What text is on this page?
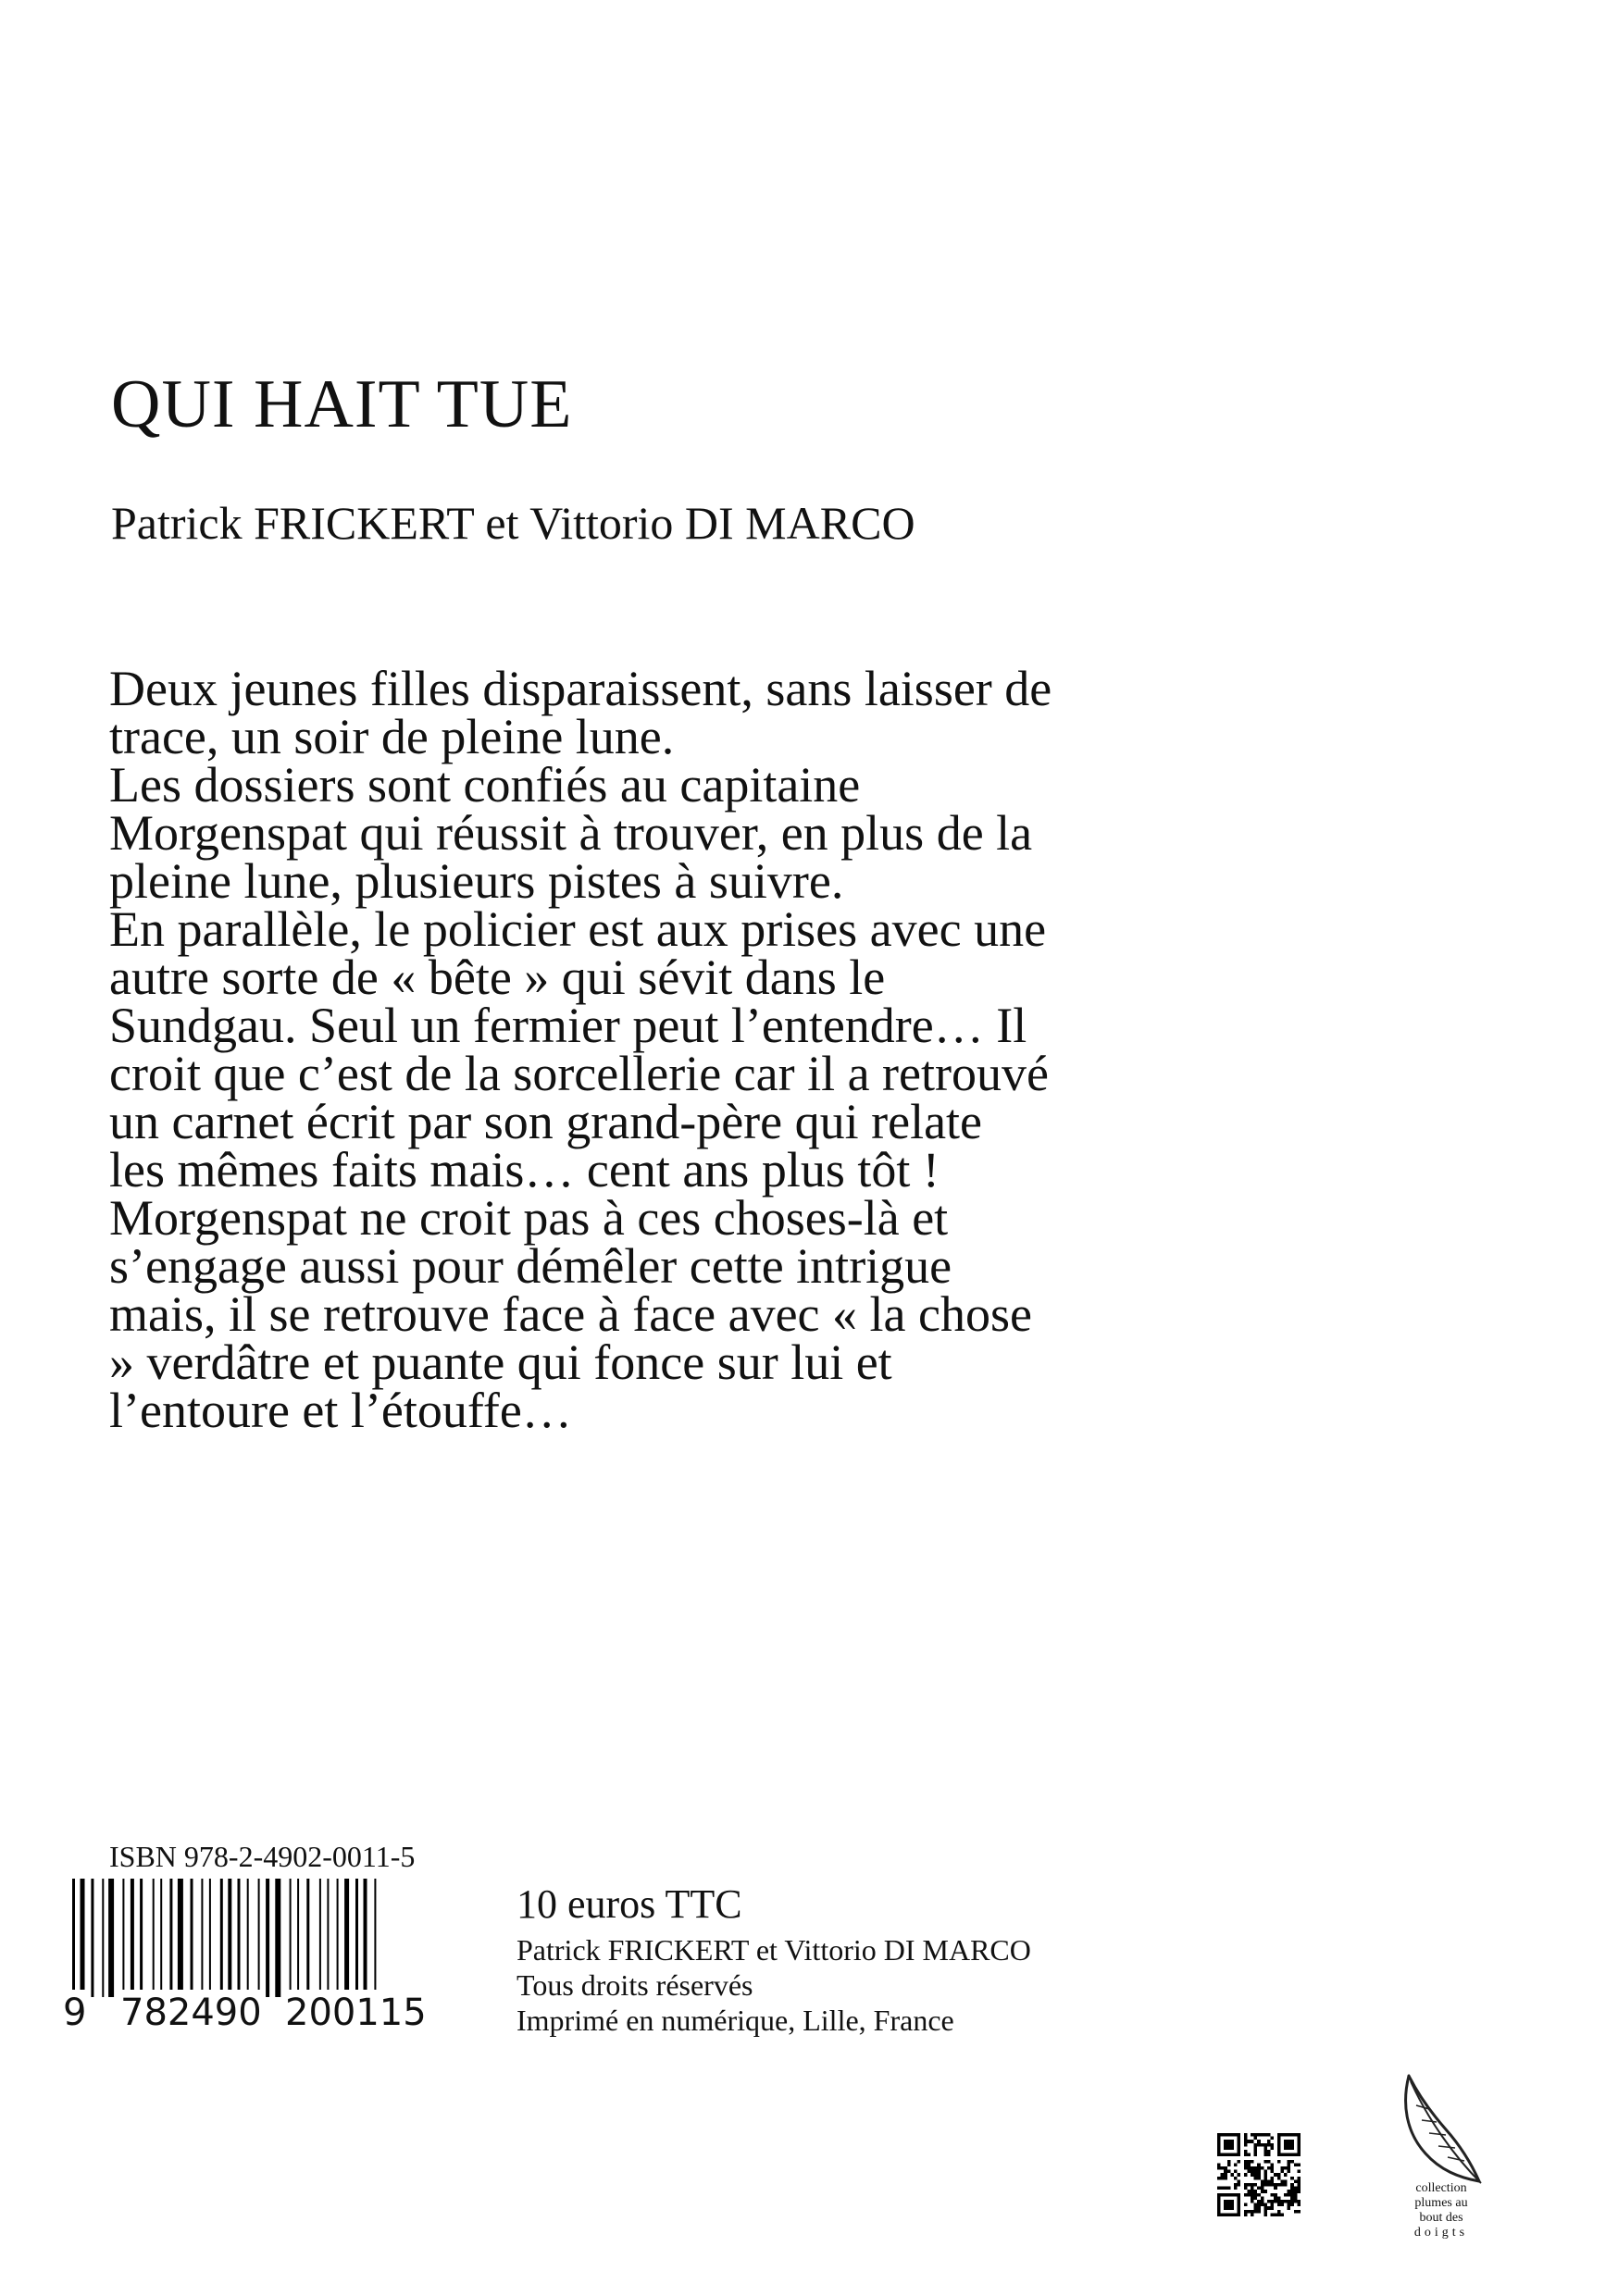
QUI HAIT TUE
Patrick FRICKERT et Vittorio DI MARCO

Deux jeunes filles disparaissent, sans laisser de

trace, un soir de pleine lune.

Les dossiers sont confiés au capitaine

Morgenspat qui réussit à trouver, en plus de la

pleine lune, plusieurs pistes à suivre.

En parallèle, le policier est aux prises avec une

autre sorte de « bête » qui sévit dans le

Sundgau. Seul un fermier peut l’entendre… Il

croit que c’est de la sorcellerie car il a retrouvé

un carnet écrit par son grand-père qui relate

les mêmes faits mais… cent ans plus tôt !

Morgenspat ne croit pas à ces choses-là et

s’engage aussi pour démêler cette intrigue

mais, il se retrouve face à face avec « la chose

» verdâtre et puante qui fonce sur lui et

l’entoure et l’étouffe…

ISBN 978-2-4902-0011-5
9 782490 200115
10 euros TTC
Patrick FRICKERT et Vittorio DI MARCO
Tous droits réservés
Imprimé en numérique, Lille, France
collection
plumes au
bout des
doigts
